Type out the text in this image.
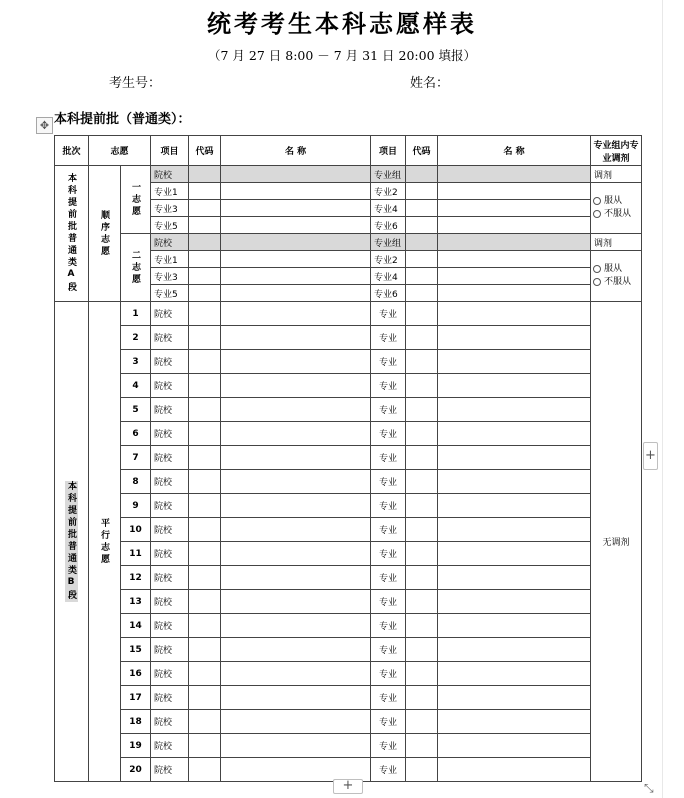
统考考生本科志愿样表
（7 月 27 日 8:00 － 7 月 31 日 20:00 填报）
考生号：	姓名：
本科提前批（普通类）：
✥
批次	志愿		项目	代码	名 称	项目	代码	名 称	专业组内专业调剂

本科提前批普通类A段	顺序志愿	一志愿	院校			专业组			调剂
			专业1			专业2			服从
不服从

			专业3			专业4			
			专业5			专业6			

		二志愿	院校			专业组			调剂
			专业1			专业2			服从
不服从

			专业3			专业4			
			专业5			专业6			

本科提前批普通类B段	平行志愿	1	院校			专业			无调剂
		2	院校			专业			
		3	院校			专业			
		4	院校			专业			
		5	院校			专业			
		6	院校			专业			
		7	院校			专业			
		8	院校			专业			
		9	院校			专业			
		10	院校			专业			
		11	院校			专业			
		12	院校			专业			
		13	院校			专业			
		14	院校			专业			
		15	院校			专业			
		16	院校			专业			
		17	院校			专业			
		18	院校			专业			
		19	院校			专业			
		20	院校			专业			
+
+	⤡
